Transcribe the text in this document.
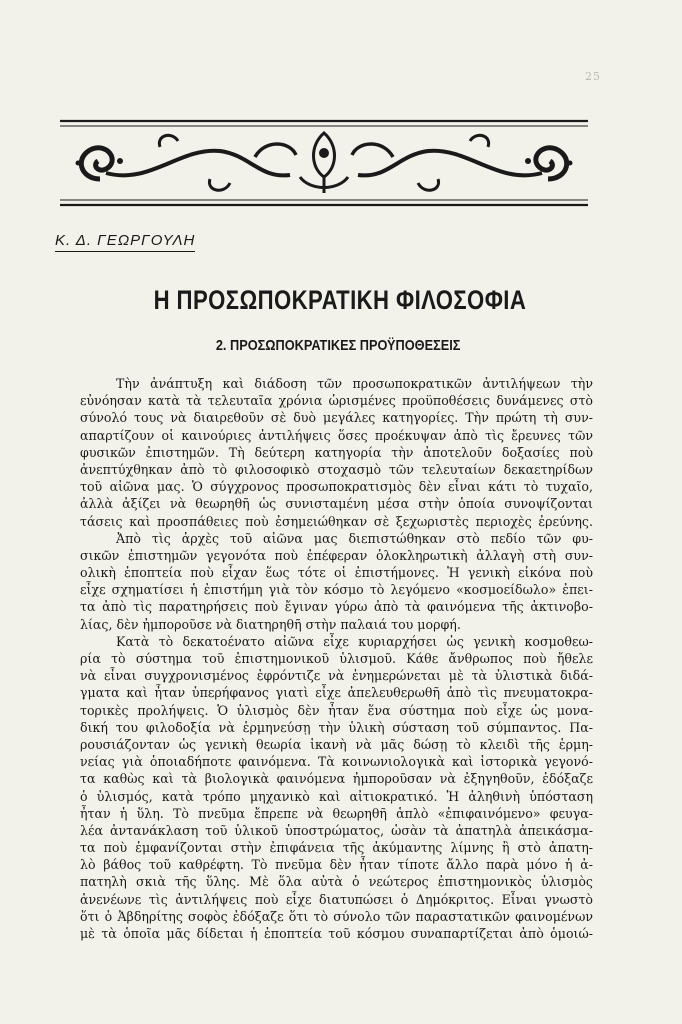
25
Κ. Δ. ΓΕΩΡΓΟΥΛΗ
Η ΠΡΟΣΩΠΟΚΡΑΤΙΚΗ ΦΙΛΟΣΟΦΙΑ
2. ΠΡΟΣΩΠΟΚΡΑΤΙΚΕΣ ΠΡΟΫΠΟΘΕΣΕΙΣ
Τὴν ἀνάπτυξη καὶ διάδοση τῶν προσωποκρατικῶν ἀντιλήψεων τὴν
εὐνόησαν κατὰ τὰ τελευταῖα χρόνια ὡρισμένες προϋποθέσεις δυνάμενες στὸ
σύνολό τους νὰ διαιρεθοῦν σὲ δυὸ μεγάλες κατηγορίες. Τὴν πρώτη τὴ συν-
απαρτίζουν οἱ καινούριες ἀντιλήψεις ὅσες προέκυψαν ἀπὸ τὶς ἔρευνες τῶν
φυσικῶν ἐπιστημῶν. Τὴ δεύτερη κατηγορία τὴν ἀποτελοῦν δοξασίες ποὺ
ἀνεπτύχθηκαν ἀπὸ τὸ φιλοσοφικὸ στοχασμὸ τῶν τελευταίων δεκαετηρίδων
τοῦ αἰῶνα μας. Ὁ σύγχρονος προσωποκρατισμὸς δὲν εἶναι κάτι τὸ τυχαῖο,
ἀλλὰ ἀξίζει νὰ θεωρηθῆ ὡς συνισταμένη μέσα στὴν ὁποία συνοψίζονται
τάσεις καὶ προσπάθειες ποὺ ἐσημειώθηκαν σὲ ξεχωριστὲς περιοχὲς ἐρεύνης.
Ἀπὸ τὶς ἀρχὲς τοῦ αἰῶνα μας διεπιστώθηκαν στὸ πεδίο τῶν φυ-
σικῶν ἐπιστημῶν γεγονότα ποὺ ἐπέφεραν ὁλοκληρωτικὴ ἀλλαγὴ στὴ συν-
ολικὴ ἐποπτεία ποὺ εἶχαν ἕως τότε οἱ ἐπιστήμονες. Ἡ γενικὴ εἰκόνα ποὺ
εἶχε σχηματίσει ἡ ἐπιστήμη γιὰ τὸν κόσμο τὸ λεγόμενο «κοσμοείδωλο» ἐπει-
τα ἀπὸ τὶς παρατηρήσεις ποὺ ἔγιναν γύρω ἀπὸ τὰ φαινόμενα τῆς ἀκτινοβο-
λίας, δὲν ἠμποροῦσε νὰ διατηρηθῆ στὴν παλαιά του μορφή.
Κατὰ τὸ δεκατοένατο αἰῶνα εἶχε κυριαρχήσει ὡς γενικὴ κοσμοθεω-
ρία τὸ σύστημα τοῦ ἐπιστημονικοῦ ὑλισμοῦ. Κάθε ἄνθρωπος ποὺ ἤθελε
νὰ εἶναι συγχρονισμένος ἐφρόντιζε νὰ ἐνημερώνεται μὲ τὰ ὑλιστικὰ διδά-
γματα καὶ ἦταν ὑπερήφανος γιατὶ εἶχε ἀπελευθερωθῆ ἀπὸ τὶς πνευματοκρα-
τορικὲς προλήψεις. Ὁ ὑλισμὸς δὲν ἦταν ἕνα σύστημα ποὺ εἶχε ὡς μονα-
δική του φιλοδοξία νὰ ἑρμηνεύσῃ τὴν ὑλικὴ σύσταση τοῦ σύμπαντος. Πα-
ρουσιάζονταν ὡς γενικὴ θεωρία ἱκανὴ νὰ μᾶς δώσῃ τὸ κλειδὶ τῆς ἑρμη-
νείας γιὰ ὁποιαδήποτε φαινόμενα. Τὰ κοινωνιολογικὰ καὶ ἱστορικὰ γεγονό-
τα καθὼς καὶ τὰ βιολογικὰ φαινόμενα ἠμποροῦσαν νὰ ἐξηγηθοῦν, ἐδόξαζε
ὁ ὑλισμός, κατὰ τρόπο μηχανικὸ καὶ αἰτιοκρατικό. Ἡ ἀληθινὴ ὑπόσταση
ἦταν ἡ ὕλη. Τὸ πνεῦμα ἔπρεπε νὰ θεωρηθῆ ἁπλὸ «ἐπιφαινόμενο» φευγα-
λέα ἀντανάκλαση τοῦ ὑλικοῦ ὑποστρώματος, ὡσὰν τὰ ἀπατηλὰ ἀπεικάσμα-
τα ποὺ ἐμφανίζονται στὴν ἐπιφάνεια τῆς ἀκύμαντης λίμνης ἢ στὸ ἀπατη-
λὸ βάθος τοῦ καθρέφτη. Τὸ πνεῦμα δὲν ἦταν τίποτε ἄλλο παρὰ μόνο ἡ ἀ-
πατηλὴ σκιὰ τῆς ὕλης. Μὲ ὅλα αὐτὰ ὁ νεώτερος ἐπιστημονικὸς ὑλισμὸς
ἀνενέωνε τὶς ἀντιλήψεις ποὺ εἶχε διατυπώσει ὁ Δημόκριτος. Εἶναι γνωστὸ
ὅτι ὁ Ἀβδηρίτης σοφὸς ἐδόξαζε ὅτι τὸ σύνολο τῶν παραστατικῶν φαινομένων
μὲ τὰ ὁποῖα μᾶς δίδεται ἡ ἐποπτεία τοῦ κόσμου συναπαρτίζεται ἀπὸ ὁμοιώ-
